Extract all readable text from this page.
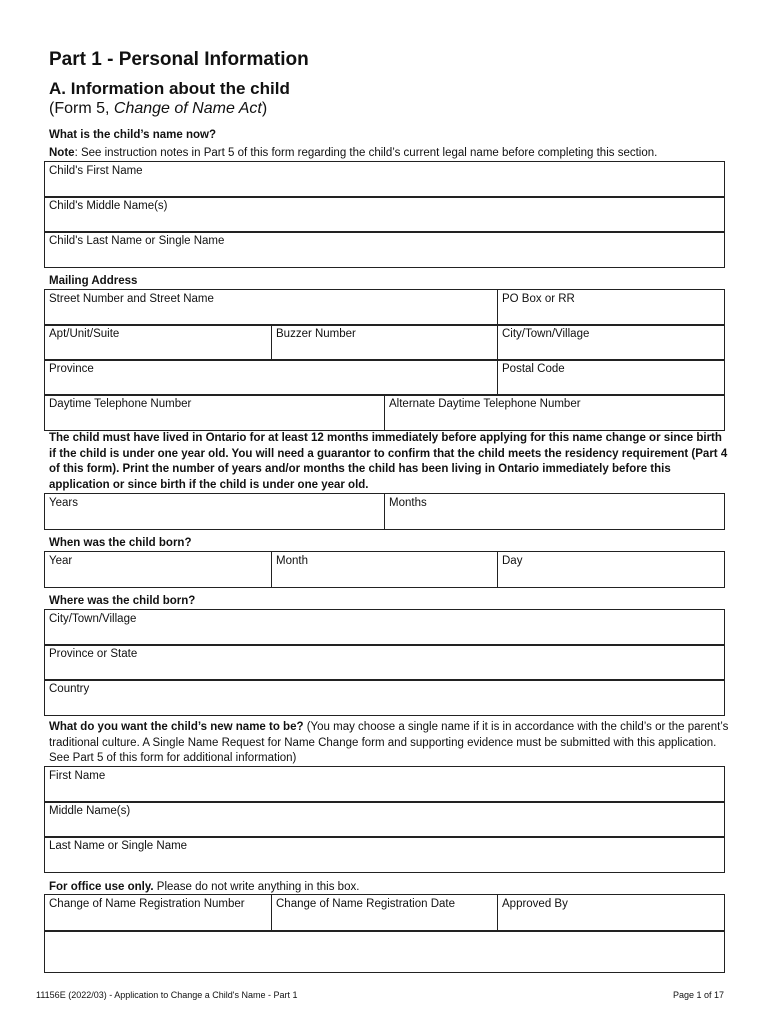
Part 1 - Personal Information
A. Information about the child
(Form 5, Change of Name Act)
What is the child’s name now?
Note: See instruction notes in Part 5 of this form regarding the child’s current legal name before completing this section.
Child's First Name
Child's Middle Name(s)
Child's Last Name or Single Name
Mailing Address
Street Number and Street Name	PO Box or RR
Apt/Unit/Suite	Buzzer Number	City/Town/Village
Province	Postal Code
Daytime Telephone Number	Alternate Daytime Telephone Number
The child must have lived in Ontario for at least 12 months immediately before applying for this name change or since birth if the child is under one year old. You will need a guarantor to confirm that the child meets the residency requirement (Part 4 of this form). Print the number of years and/or months the child has been living in Ontario immediately before this application or since birth if the child is under one year old.
Years	Months
When was the child born?
Year	Month	Day
Where was the child born?
City/Town/Village
Province or State
Country
What do you want the child’s new name to be? (You may choose a single name if it is in accordance with the child’s or the parent’s traditional culture. A Single Name Request for Name Change form and supporting evidence must be submitted with this application. See Part 5 of this form for additional information)
First Name
Middle Name(s)
Last Name or Single Name
For office use only. Please do not write anything in this box.
Change of Name Registration Number	Change of Name Registration Date	Approved By
11156E (2022/03) - Application to Change a Child's Name - Part 1	Page 1 of 17
